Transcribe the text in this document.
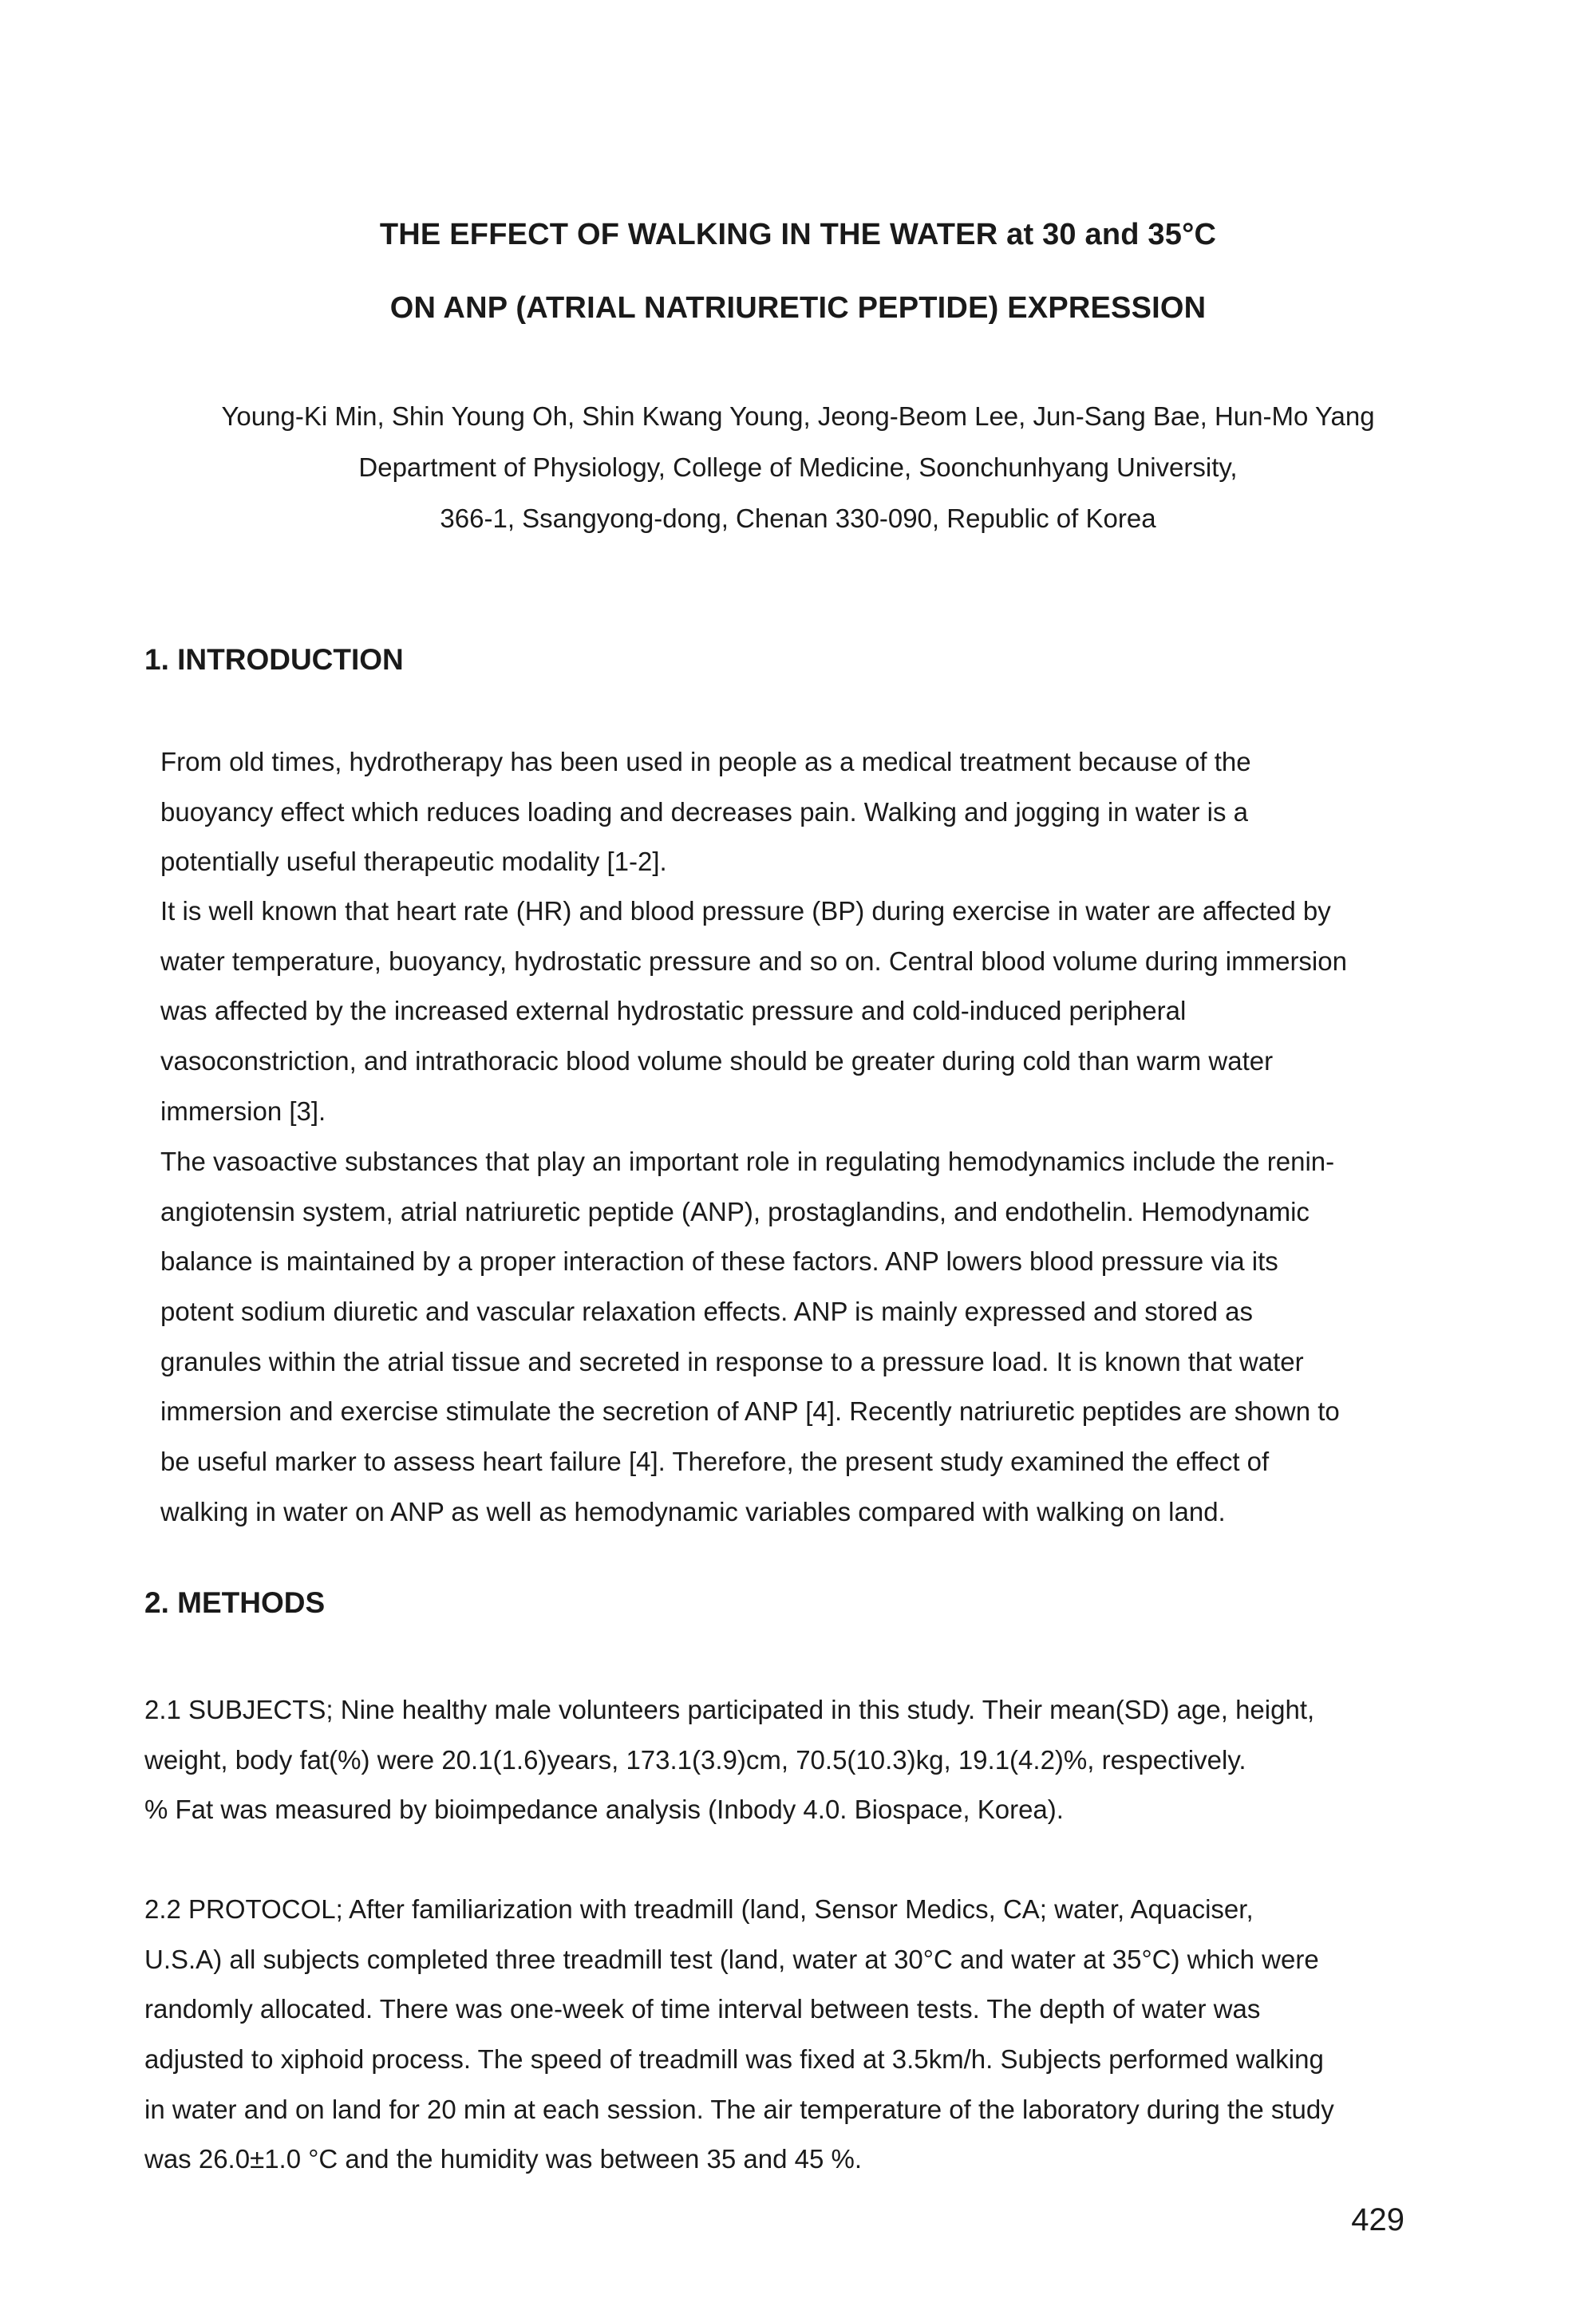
THE EFFECT OF WALKING IN THE WATER at 30 and 35°C
ON ANP (ATRIAL NATRIURETIC PEPTIDE) EXPRESSION
Young-Ki Min, Shin Young Oh, Shin Kwang Young, Jeong-Beom Lee, Jun-Sang Bae, Hun-Mo Yang
Department of Physiology, College of Medicine, Soonchunhyang University,
366-1, Ssangyong-dong, Chenan 330-090, Republic of Korea
1. INTRODUCTION
From old times, hydrotherapy has been used in people as a medical treatment because of the
buoyancy effect which reduces loading and decreases pain. Walking and jogging in water is a
potentially useful therapeutic modality [1-2].
It is well known that heart rate (HR) and blood pressure (BP) during exercise in water are affected by
water temperature, buoyancy, hydrostatic pressure and so on. Central blood volume during immersion
was affected by the increased external hydrostatic pressure and cold-induced peripheral
vasoconstriction, and intrathoracic blood volume should be greater during cold than warm water
immersion [3].
The vasoactive substances that play an important role in regulating hemodynamics include the renin-
angiotensin system, atrial natriuretic peptide (ANP), prostaglandins, and endothelin. Hemodynamic
balance is maintained by a proper interaction of these factors. ANP lowers blood pressure via its
potent sodium diuretic and vascular relaxation effects. ANP is mainly expressed and stored as
granules within the atrial tissue and secreted in response to a pressure load. It is known that water
immersion and exercise stimulate the secretion of ANP [4]. Recently natriuretic peptides are shown to
be useful marker to assess heart failure [4]. Therefore, the present study examined the effect of
walking in water on ANP as well as hemodynamic variables compared with walking on land.
2. METHODS
2.1 SUBJECTS; Nine healthy male volunteers participated in this study. Their mean(SD) age, height,
weight, body fat(%) were 20.1(1.6)years, 173.1(3.9)cm, 70.5(10.3)kg, 19.1(4.2)%, respectively.
% Fat was measured by bioimpedance analysis (Inbody 4.0. Biospace, Korea).
2.2 PROTOCOL; After familiarization with treadmill (land, Sensor Medics, CA; water, Aquaciser,
U.S.A) all subjects completed three treadmill test (land, water at 30°C and water at 35°C) which were
randomly allocated. There was one-week of time interval between tests. The depth of water was
adjusted to xiphoid process. The speed of treadmill was fixed at 3.5km/h. Subjects performed walking
in water and on land for 20 min at each session. The air temperature of the laboratory during the study
was 26.0±1.0 °C and the humidity was between 35 and 45 %.
429
